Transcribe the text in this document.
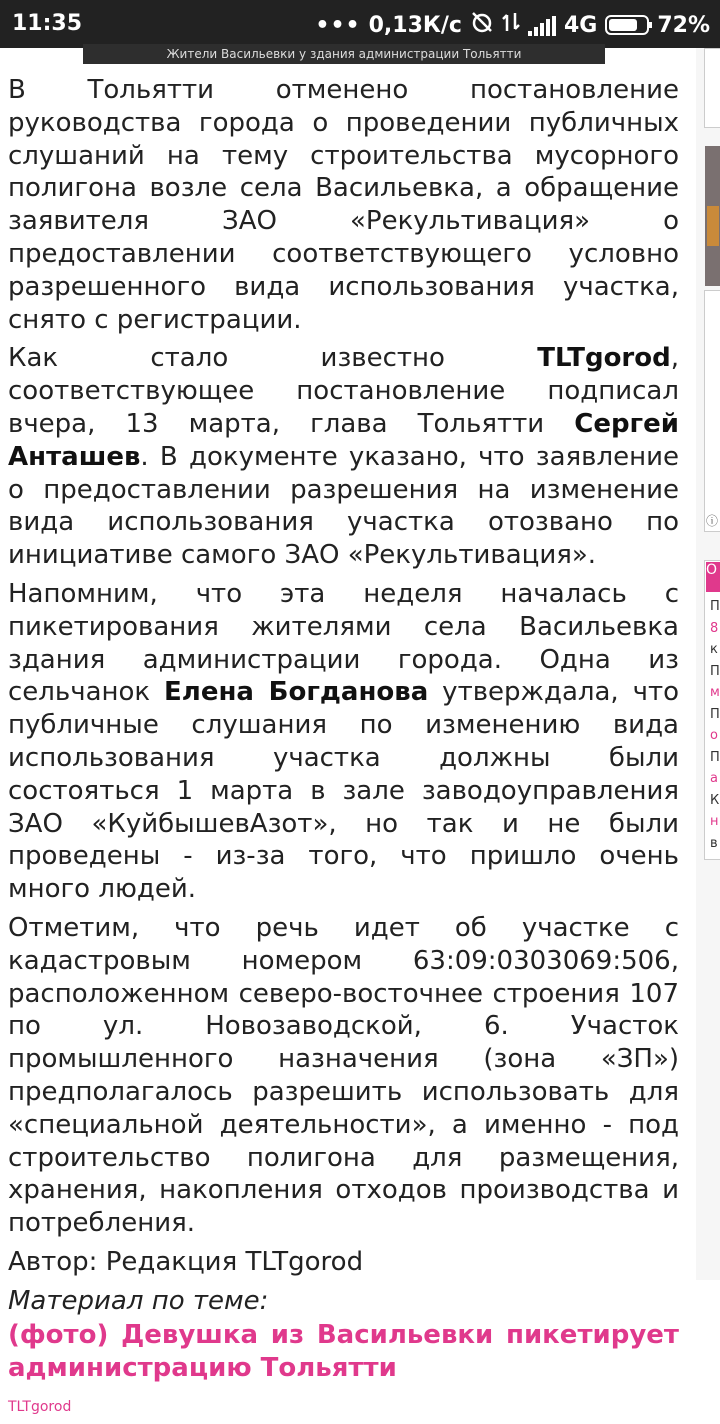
11:35	••• 0,13К/с	4G	72%
Жители Васильевки у здания администрации Тольятти
ⓘ
О
П
8
к
П
м
П
о
П
а
К
н
в

В Тольятти отменено постановление руководства города о проведении публичных слушаний на тему строительства мусорного полигона возле села Васильевка, а обращение заявителя ЗАО «Рекультивация» о предоставлении соответствующего условно разрешенного вида использования участка, снято с регистрации.

Как стало известно TLTgorod, соответствующее постановление подписал вчера, 13 марта, глава Тольятти Сергей Анташев. В документе указано, что заявление о предоставлении разрешения на изменение вида использования участка отозвано по инициативе самого ЗАО «Рекультивация».

Напомним, что эта неделя началась с пикетирования жителями села Васильевка здания администрации города. Одна из сельчанок Елена Богданова утверждала, что публичные слушания по изменению вида использования участка должны были состояться 1 марта в зале заводоуправления ЗАО «КуйбышевАзот», но так и не были проведены - из-за того, что пришло очень много людей.

Отметим, что речь идет об участке с кадастровым номером 63:09:0303069:506, расположенном северо-восточнее строения 107 по ул. Новозаводской, 6. Участок промышленного назначения (зона «ЗП») предполагалось разрешить использовать для «специальной деятельности», а именно - под строительство полигона для размещения, хранения, накопления отходов производства и потребления.

Автор: Редакция TLTgorod
Материал по теме:
(фото) Девушка из Васильевки пикетирует администрацию Тольятти
TLTgorod
